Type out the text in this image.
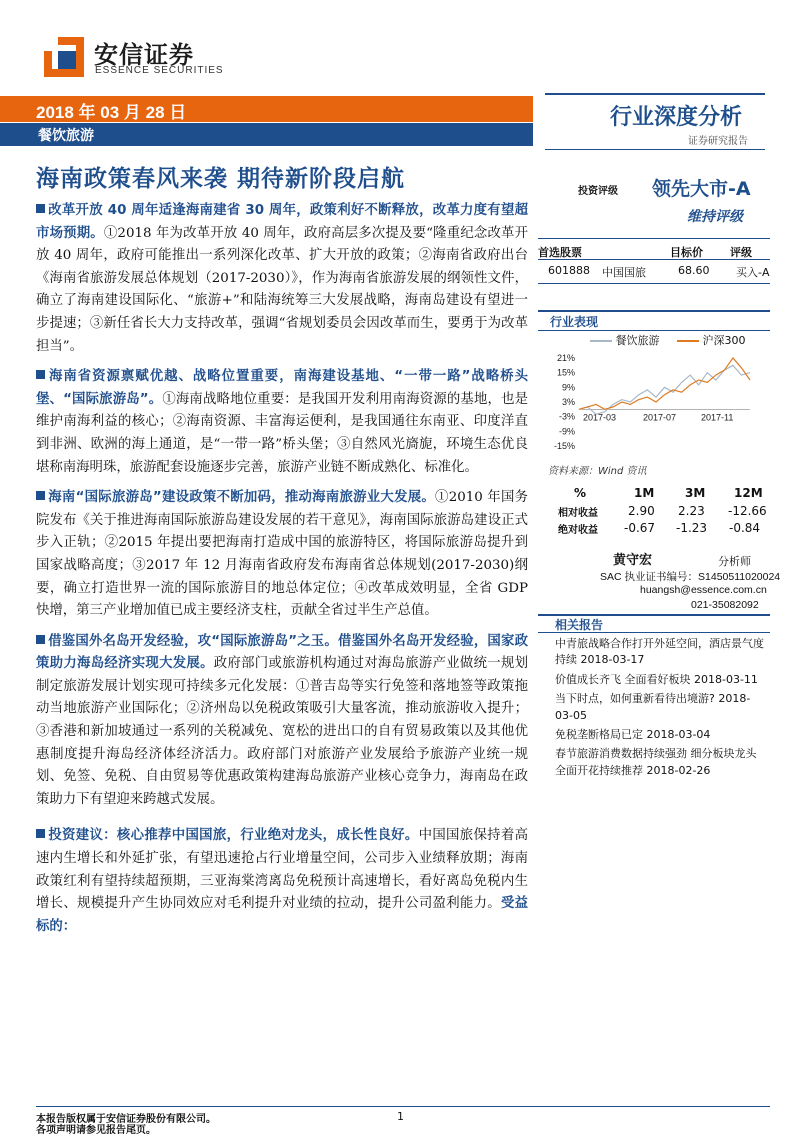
安信证券
ESSENCE SECURITIES
2018 年 03 月 28 日
餐饮旅游
行业深度分析
证券研究报告
海南政策春风来袭 期待新阶段启航

改革开放 40 周年适逢海南建省 30 周年，政策利好不断释放，改革力度有望超市场预期。①2018 年为改革开放 40 周年，政府高层多次提及要“隆重纪念改革开放 40 周年，政府可能推出一系列深化改革、扩大开放的政策；②海南省政府出台《海南省旅游发展总体规划（2017-2030）》，作为海南省旅游发展的纲领性文件，确立了海南建设国际化、“旅游+”和陆海统筹三大发展战略，海南岛建设有望进一步提速；③新任省长大力支持改革，强调“省规划委员会因改革而生，要勇于为改革担当”。

海南省资源禀赋优越、战略位置重要，南海建设基地、“一带一路”战略桥头堡、“国际旅游岛”。①海南战略地位重要：是我国开发利用南海资源的基地，也是维护南海利益的核心；②海南资源、丰富海运便利，是我国通往东南亚、印度洋直到非洲、欧洲的海上通道，是“一带一路”桥头堡；③自然风光旖旎，环境生态优良堪称南海明珠，旅游配套设施逐步完善，旅游产业链不断成熟化、标准化。

海南“国际旅游岛”建设政策不断加码，推动海南旅游业大发展。①2010 年国务院发布《关于推进海南国际旅游岛建设发展的若干意见》，海南国际旅游岛建设正式步入正轨；②2015 年提出要把海南打造成中国的旅游特区，将国际旅游岛提升到国家战略高度；③2017 年 12 月海南省政府发布海南省总体规划(2017-2030)纲要，确立打造世界一流的国际旅游目的地总体定位；④改革成效明显，全省 GDP 快增，第三产业增加值已成主要经济支柱，贡献全省过半生产总值。

借鉴国外名岛开发经验，攻“国际旅游岛”之玉。借鉴国外名岛开发经验，国家政策助力海岛经济实现大发展。政府部门或旅游机构通过对海岛旅游产业做统一规划制定旅游发展计划实现可持续多元化发展：①普吉岛等实行免签和落地签等政策拖动当地旅游产业国际化；②济州岛以免税政策吸引大量客流，推动旅游收入提升；③香港和新加坡通过一系列的关税减免、宽松的进出口的自有贸易政策以及其他优惠制度提升海岛经济体经济活力。政府部门对旅游产业发展给予旅游产业统一规划、免签、免税、自由贸易等优惠政策构建海岛旅游产业核心竞争力，海南岛在政策助力下有望迎来跨越式发展。

投资建议：核心推荐中国国旅，行业绝对龙头，成长性良好。中国国旅保持着高速内生增长和外延扩张，有望迅速抢占行业增量空间，公司步入业绩释放期；海南政策红利有望持续超预期，三亚海棠湾离岛免税预计高速增长，看好离岛免税内生增长、规模提升产生协同效应对毛利提升对业绩的拉动，提升公司盈利能力。受益标的：

投资评级 领先大市-A
维持评级
首选股票	目标价 评级
601888 中国国旅	68.60 买入-A
行业表现
餐饮旅游	沪深300
21%
15%
9%
3%
-3%
-9%
-15%
2017-03	2017-07	2017-11
资料来源：Wind 资讯
%	1M	3M 12M
相对收益	2.90 2.23 -12.66
绝对收益 -0.67 -1.23 -0.84
黄守宏	分析师
SAC 执业证书编号：S1450511020024
huangsh@essence.com.cn
021-35082092
相关报告
中青旅战略合作打开外延空间，酒店景气度持续 2018-03-17
价值成长齐飞 全面看好板块 2018-03-11
当下时点，如何重新看待出境游? 2018-03-05
免税垄断格局已定 2018-03-04
春节旅游消费数据持续强劲 细分板块龙头全面开花持续推荐 2018-02-26
本报告版权属于安信证券股份有限公司。
各项声明请参见报告尾页。
1
